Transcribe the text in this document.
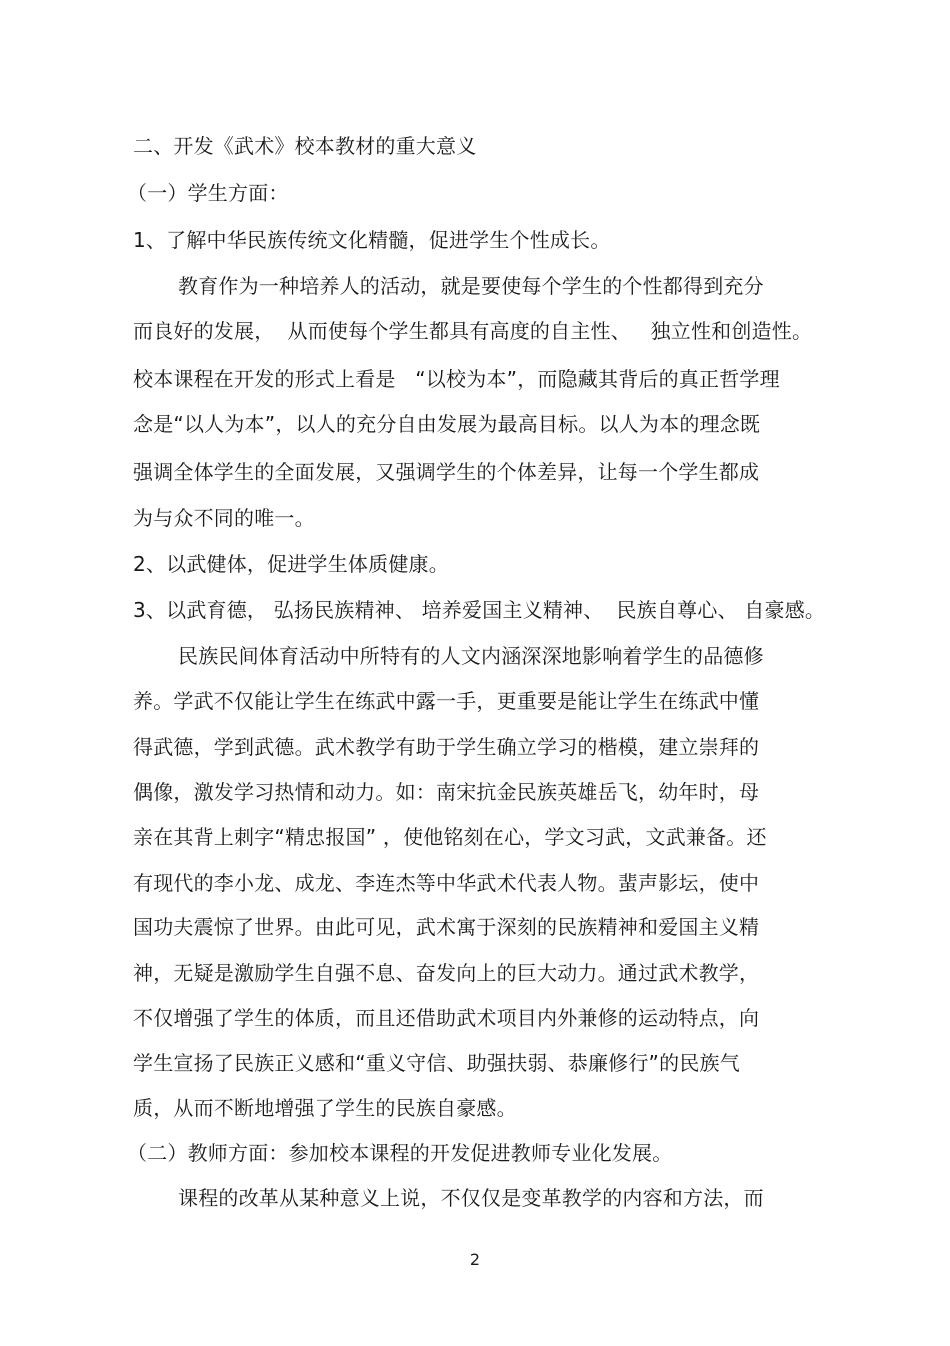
二、开发《武术》校本教材的重大意义
（一）学生方面：
1、了解中华民族传统文化精髓，促进学生个性成长。
教育作为一种培养人的活动，就是要使每个学生的个性都得到充分
而良好的发展，  从而使每个学生都具有高度的自主性、   独立性和创造性。
校本课程在开发的形式上看是   “以校为本”，而隐藏其背后的真正哲学理
念是“以人为本”，以人的充分自由发展为最高目标。以人为本的理念既
强调全体学生的全面发展，又强调学生的个体差异，让每一个学生都成
为与众不同的唯一。
2、以武健体，促进学生体质健康。
3、以武育德， 弘扬民族精神、 培养爱国主义精神、  民族自尊心、 自豪感。
民族民间体育活动中所特有的人文内涵深深地影响着学生的品德修
养。学武不仅能让学生在练武中露一手，更重要是能让学生在练武中懂
得武德，学到武德。武术教学有助于学生确立学习的楷模，建立崇拜的
偶像，激发学习热情和动力。如：南宋抗金民族英雄岳飞，幼年时，母
亲在其背上刺字“精忠报国” ，使他铭刻在心，学文习武，文武兼备。还
有现代的李小龙、成龙、李连杰等中华武术代表人物。蜚声影坛，使中
国功夫震惊了世界。由此可见，武术寓于深刻的民族精神和爱国主义精
神，无疑是激励学生自强不息、奋发向上的巨大动力。通过武术教学，
不仅增强了学生的体质，而且还借助武术项目内外兼修的运动特点，向
学生宣扬了民族正义感和“重义守信、助强扶弱、恭廉修行”的民族气
质，从而不断地增强了学生的民族自豪感。
（二）教师方面：参加校本课程的开发促进教师专业化发展。
课程的改革从某种意义上说，不仅仅是变革教学的内容和方法，而
2
